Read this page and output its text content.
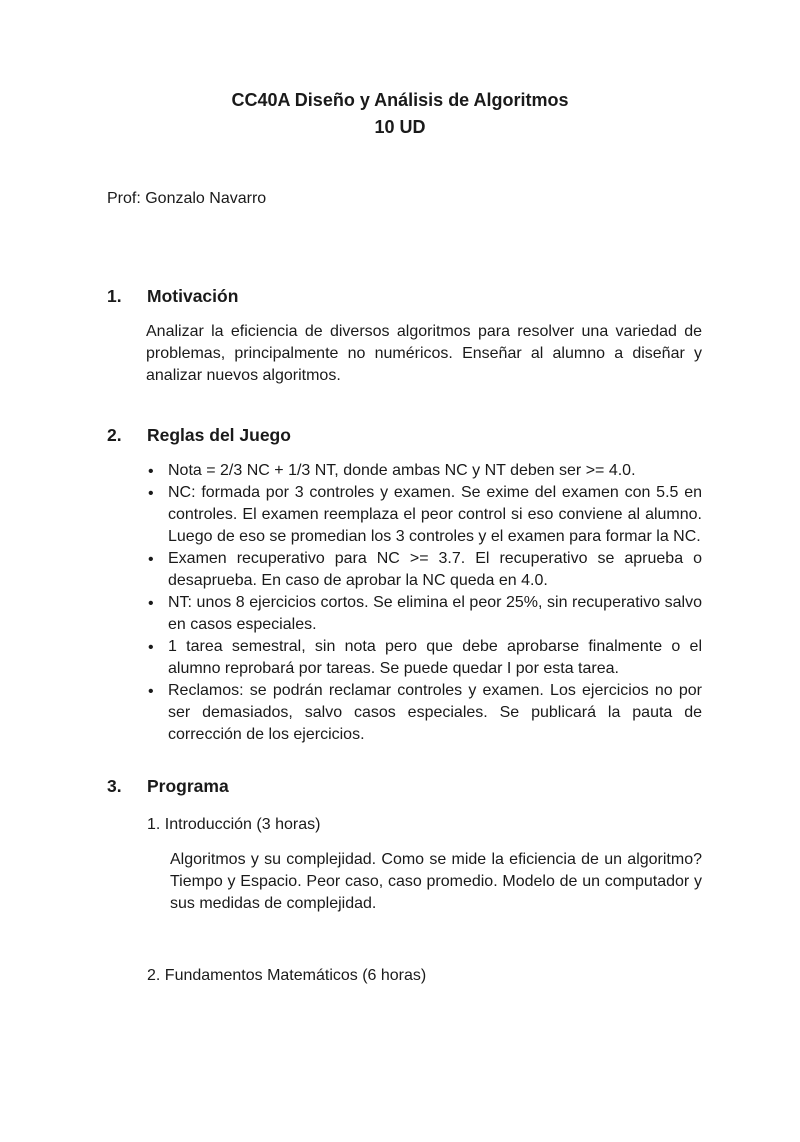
CC40A Diseño y Análisis de Algoritmos
10 UD
Prof: Gonzalo Navarro
1. Motivación
Analizar la eficiencia de diversos algoritmos para resolver una variedad de problemas, principalmente no numéricos. Enseñar al alumno a diseñar y analizar nuevos algoritmos.
2. Reglas del Juego
• Nota = 2/3 NC + 1/3 NT, donde ambas NC y NT deben ser >= 4.0.
• NC: formada por 3 controles y examen. Se exime del examen con 5.5 en controles. El examen reemplaza el peor control si eso conviene al alumno. Luego de eso se promedian los 3 controles y el examen para formar la NC.
• Examen recuperativo para NC >= 3.7. El recuperativo se aprueba o desaprueba. En caso de aprobar la NC queda en 4.0.
• NT: unos 8 ejercicios cortos. Se elimina el peor 25%, sin recuperativo salvo en casos especiales.
• 1 tarea semestral, sin nota pero que debe aprobarse finalmente o el alumno reprobará por tareas. Se puede quedar I por esta tarea.
• Reclamos: se podrán reclamar controles y examen. Los ejercicios no por ser demasiados, salvo casos especiales. Se publicará la pauta de corrección de los ejercicios.
3. Programa
1. Introducción (3 horas)
Algoritmos y su complejidad. Como se mide la eficiencia de un algoritmo? Tiempo y Espacio. Peor caso, caso promedio. Modelo de un computador y sus medidas de complejidad.
2. Fundamentos Matemáticos (6 horas)
